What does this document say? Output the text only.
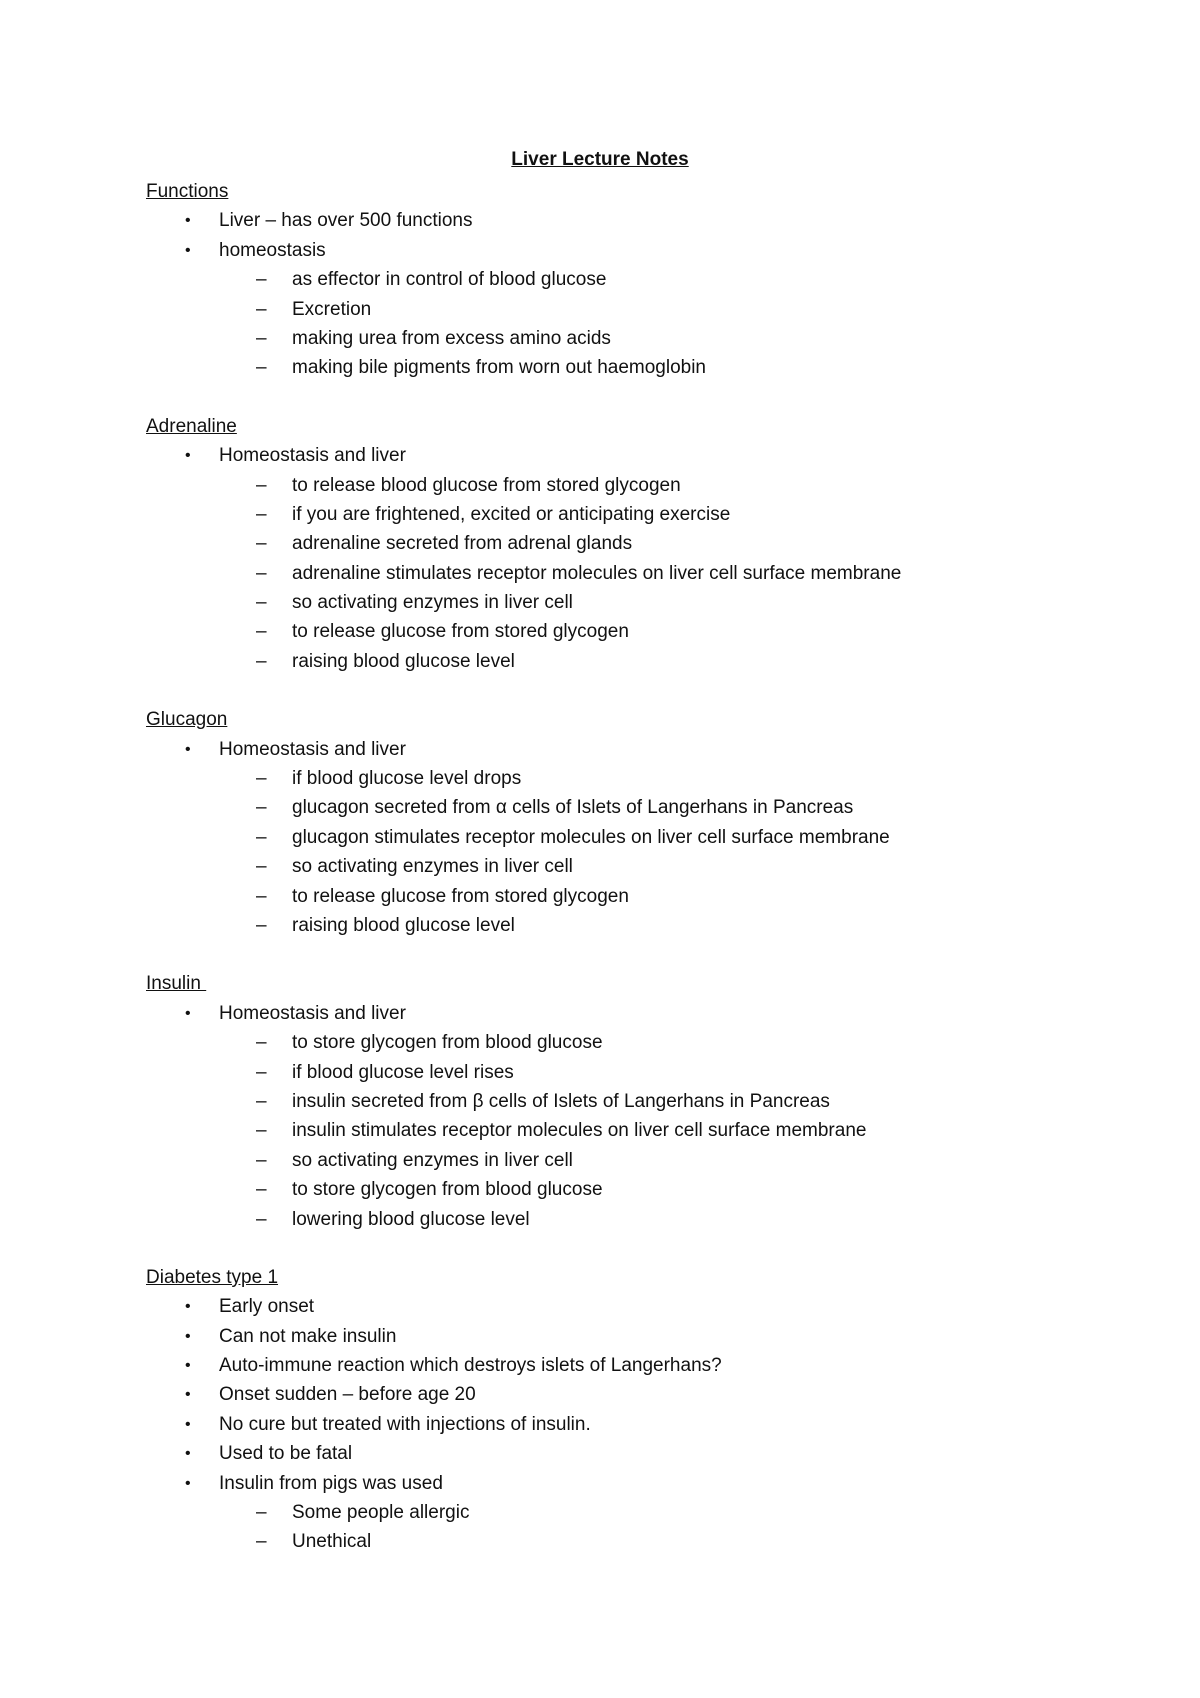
Liver Lecture Notes
Functions
• Liver – has over 500 functions
• homeostasis
– as effector in control of blood glucose
– Excretion
– making urea from excess amino acids
– making bile pigments from worn out haemoglobin
Adrenaline
• Homeostasis and liver
– to release blood glucose from stored glycogen
– if you are frightened, excited or anticipating exercise
– adrenaline secreted from adrenal glands
– adrenaline stimulates receptor molecules on liver cell surface membrane
– so activating enzymes in liver cell
– to release glucose from stored glycogen
– raising blood glucose level
Glucagon
• Homeostasis and liver
– if blood glucose level drops
– glucagon secreted from α cells of Islets of Langerhans in Pancreas
– glucagon stimulates receptor molecules on liver cell surface membrane
– so activating enzymes in liver cell
– to release glucose from stored glycogen
– raising blood glucose level
Insulin
• Homeostasis and liver
– to store glycogen from blood glucose
– if blood glucose level rises
– insulin secreted from β cells of Islets of Langerhans in Pancreas
– insulin stimulates receptor molecules on liver cell surface membrane
– so activating enzymes in liver cell
– to store glycogen from blood glucose
– lowering blood glucose level
Diabetes type 1
• Early onset
• Can not make insulin
• Auto-immune reaction which destroys islets of Langerhans?
• Onset sudden – before age 20
• No cure but treated with injections of insulin.
• Used to be fatal
• Insulin from pigs was used
– Some people allergic
– Unethical
